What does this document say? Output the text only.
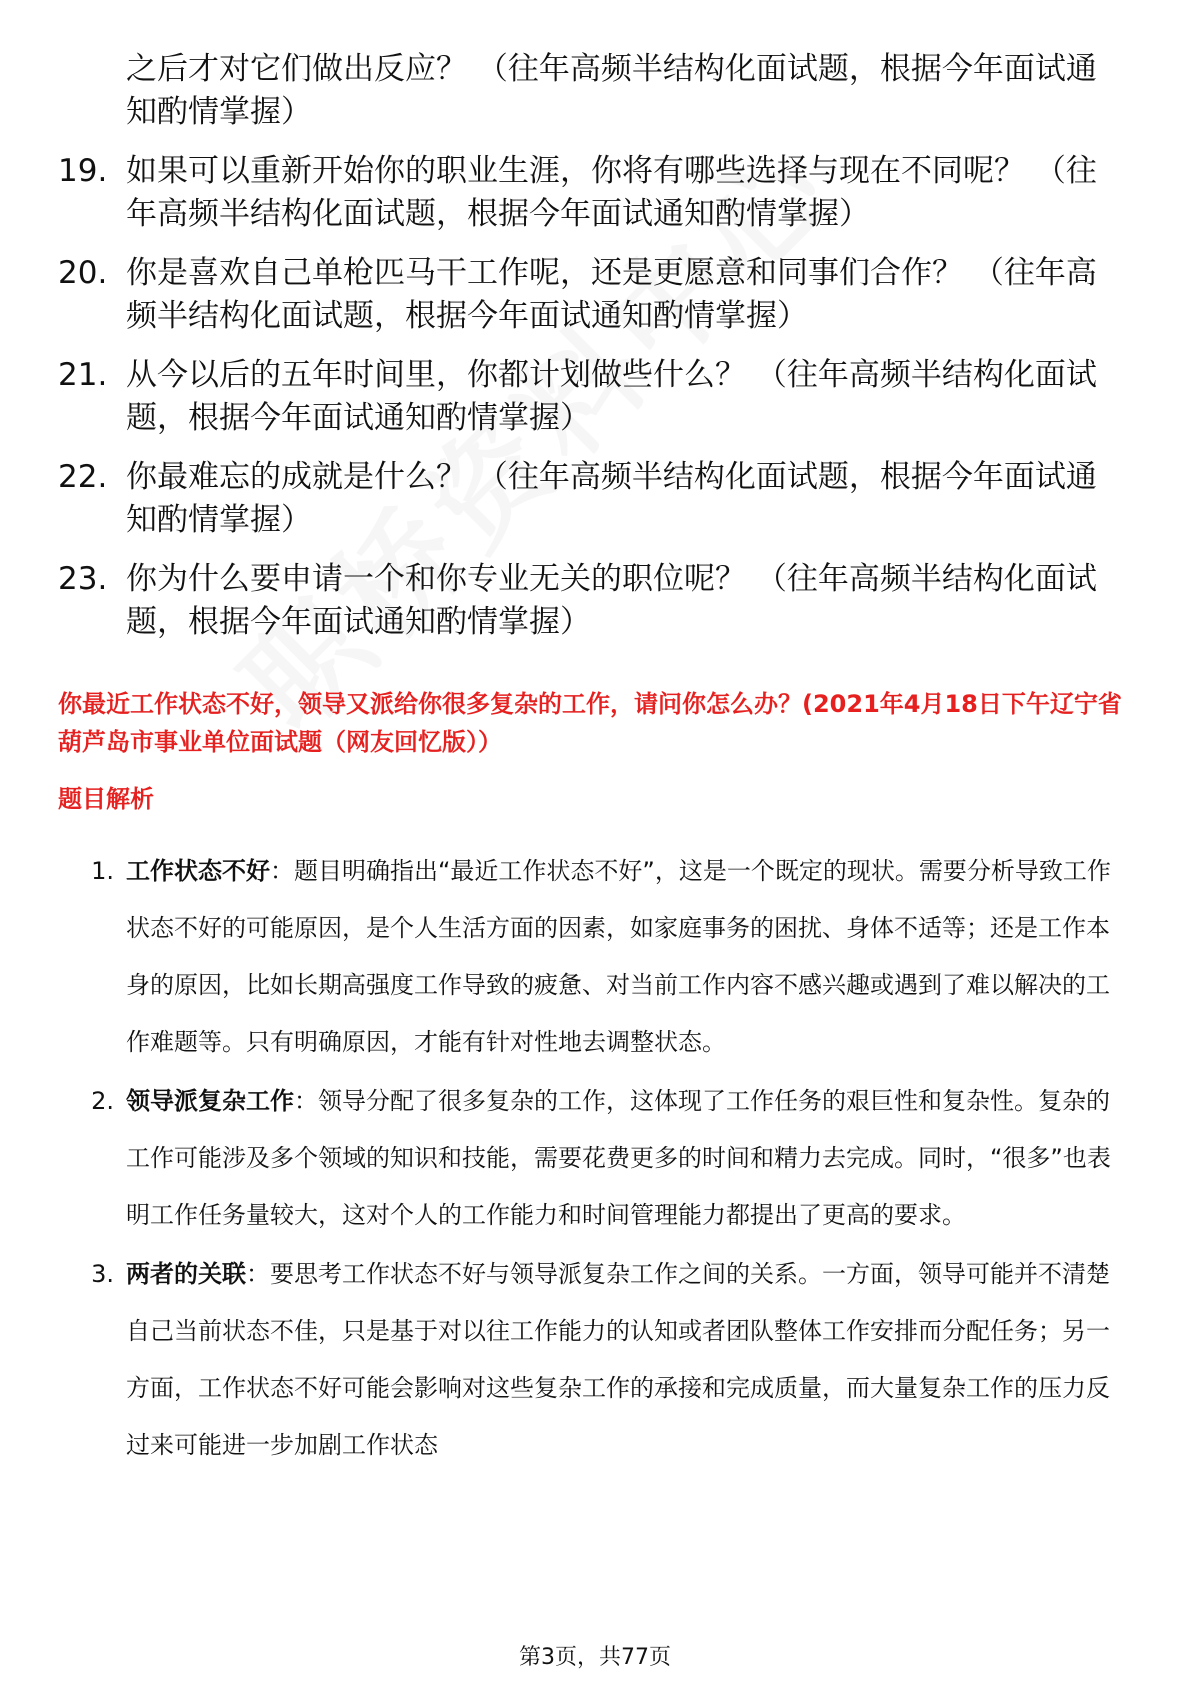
之后才对它们做出反应？ （往年高频半结构化面试题，根据今年面试通知酌情掌握）
19. 如果可以重新开始你的职业生涯，你将有哪些选择与现在不同呢？ （往年高频半结构化面试题，根据今年面试通知酌情掌握）
20. 你是喜欢自己单枪匹马干工作呢，还是更愿意和同事们合作？ （往年高频半结构化面试题，根据今年面试通知酌情掌握）
21. 从今以后的五年时间里，你都计划做些什么？ （往年高频半结构化面试题，根据今年面试通知酌情掌握）
22. 你最难忘的成就是什么？ （往年高频半结构化面试题，根据今年面试通知酌情掌握）
23. 你为什么要申请一个和你专业无关的职位呢？ （往年高频半结构化面试题，根据今年面试通知酌情掌握）
你最近工作状态不好，领导又派给你很多复杂的工作，请问你怎么办？(2021年4月18日下午辽宁省葫芦岛市事业单位面试题（网友回忆版））
题目解析
1. 工作状态不好：题目明确指出“最近工作状态不好”，这是一个既定的现状。需要分析导致工作状态不好的可能原因，是个人生活方面的因素，如家庭事务的困扰、身体不适等；还是工作本身的原因，比如长期高强度工作导致的疲惫、对当前工作内容不感兴趣或遇到了难以解决的工作难题等。只有明确原因，才能有针对性地去调整状态。
2. 领导派复杂工作：领导分配了很多复杂的工作，这体现了工作任务的艰巨性和复杂性。复杂的工作可能涉及多个领域的知识和技能，需要花费更多的时间和精力去完成。同时，“很多”也表明工作任务量较大，这对个人的工作能力和时间管理能力都提出了更高的要求。
3. 两者的关联：要思考工作状态不好与领导派复杂工作之间的关系。一方面，领导可能并不清楚自己当前状态不佳，只是基于对以往工作能力的认知或者团队整体工作安排而分配任务；另一方面，工作状态不好可能会影响对这些复杂工作的承接和完成质量，而大量复杂工作的压力反过来可能进一步加剧工作状态
第3页，共77页
